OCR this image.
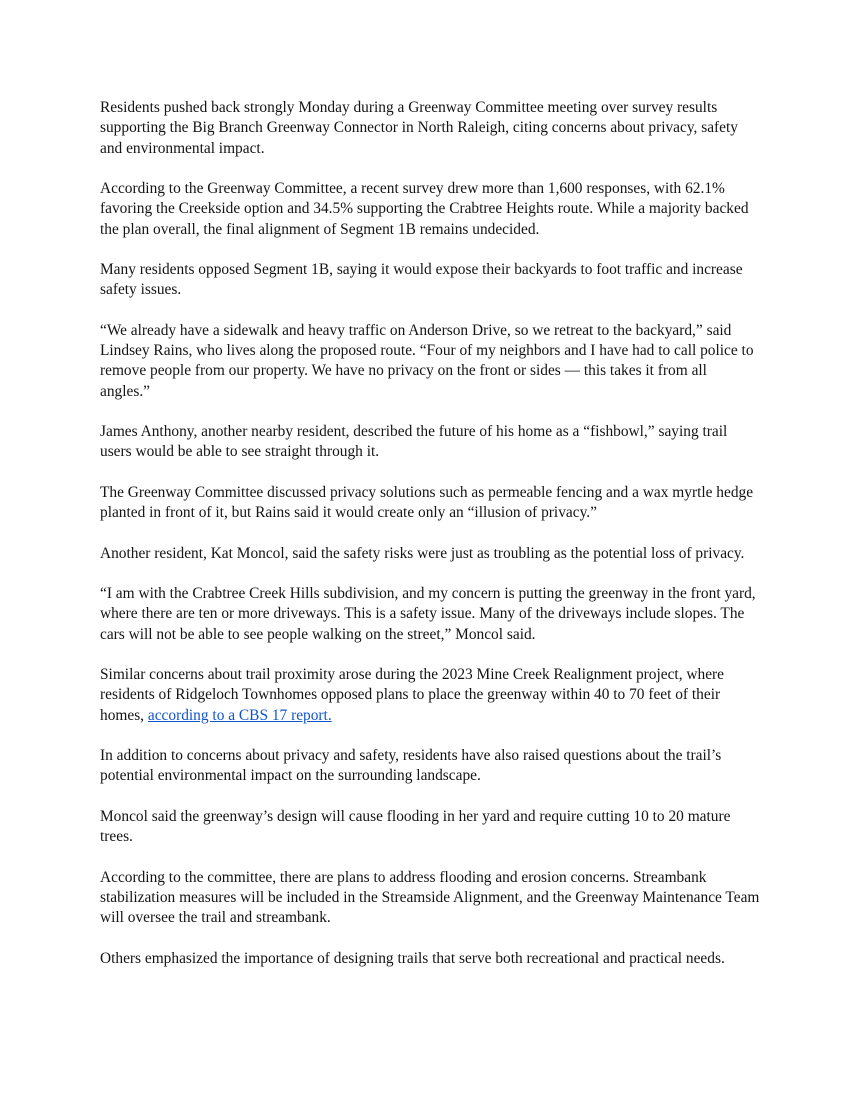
Residents pushed back strongly Monday during a Greenway Committee meeting over survey results supporting the Big Branch Greenway Connector in North Raleigh, citing concerns about privacy, safety and environmental impact.

According to the Greenway Committee, a recent survey drew more than 1,600 responses, with 62.1% favoring the Creekside option and 34.5% supporting the Crabtree Heights route. While a majority backed the plan overall, the final alignment of Segment 1B remains undecided.

Many residents opposed Segment 1B, saying it would expose their backyards to foot traffic and increase safety issues.

“We already have a sidewalk and heavy traffic on Anderson Drive, so we retreat to the backyard,” said Lindsey Rains, who lives along the proposed route. “Four of my neighbors and I have had to call police to remove people from our property. We have no privacy on the front or sides — this takes it from all angles.”

James Anthony, another nearby resident, described the future of his home as a “fishbowl,” saying trail users would be able to see straight through it.

The Greenway Committee discussed privacy solutions such as permeable fencing and a wax myrtle hedge planted in front of it, but Rains said it would create only an “illusion of privacy.”

Another resident, Kat Moncol, said the safety risks were just as troubling as the potential loss of privacy.

“I am with the Crabtree Creek Hills subdivision, and my concern is putting the greenway in the front yard, where there are ten or more driveways. This is a safety issue. Many of the driveways include slopes. The cars will not be able to see people walking on the street,” Moncol said.

Similar concerns about trail proximity arose during the 2023 Mine Creek Realignment project, where residents of Ridgeloch Townhomes opposed plans to place the greenway within 40 to 70 feet of their homes, according to a CBS 17 report.

In addition to concerns about privacy and safety, residents have also raised questions about the trail’s potential environmental impact on the surrounding landscape.

Moncol said the greenway’s design will cause flooding in her yard and require cutting 10 to 20 mature trees.

According to the committee, there are plans to address flooding and erosion concerns. Streambank stabilization measures will be included in the Streamside Alignment, and the Greenway Maintenance Team will oversee the trail and streambank.

Others emphasized the importance of designing trails that serve both recreational and practical needs.
